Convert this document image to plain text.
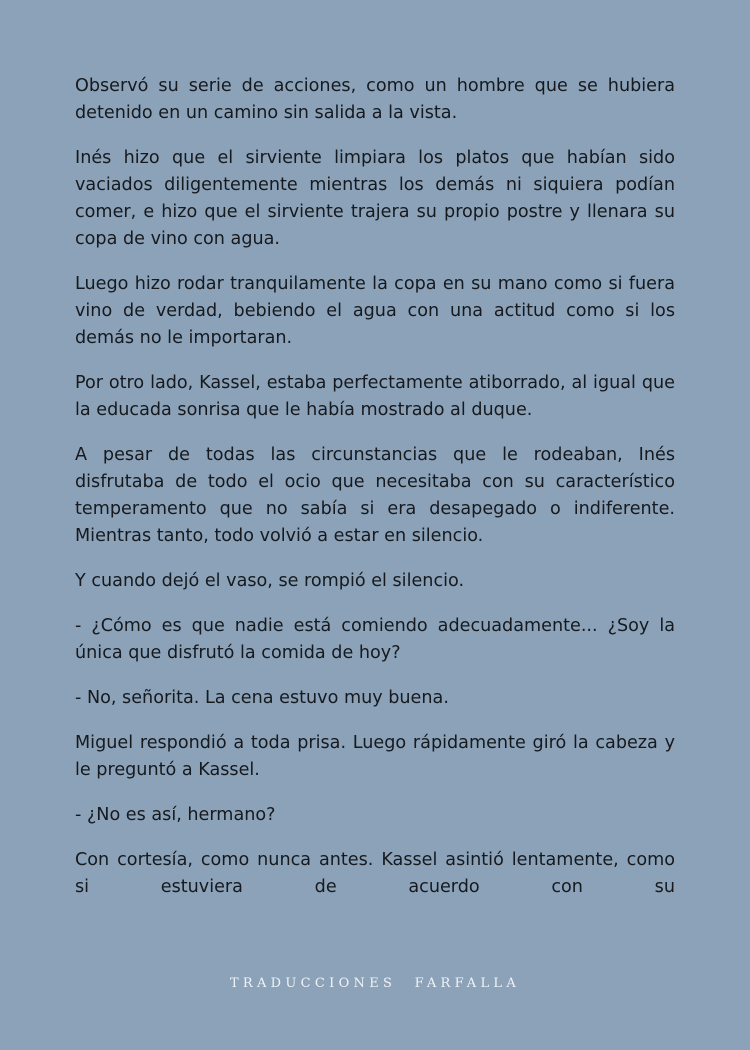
Observó su serie de acciones, como un hombre que se hubiera detenido en un camino sin salida a la vista.

Inés hizo que el sirviente limpiara los platos que habían sido vaciados diligentemente mientras los demás ni siquiera podían comer, e hizo que el sirviente trajera su propio postre y llenara su copa de vino con agua.

Luego hizo rodar tranquilamente la copa en su mano como si fuera vino de verdad, bebiendo el agua con una actitud como si los demás no le importaran.

Por otro lado, Kassel, estaba perfectamente atiborrado, al igual que la educada sonrisa que le había mostrado al duque.

A pesar de todas las circunstancias que le rodeaban, Inés disfrutaba de todo el ocio que necesitaba con su característico temperamento que no sabía si era desapegado o indiferente. Mientras tanto, todo volvió a estar en silencio.

Y cuando dejó el vaso, se rompió el silencio.

- ¿Cómo es que nadie está comiendo adecuadamente... ¿Soy la única que disfrutó la comida de hoy?

- No, señorita. La cena estuvo muy buena.

Miguel respondió a toda prisa. Luego rápidamente giró la cabeza y le preguntó a Kassel.

- ¿No es así, hermano?

Con cortesía, como nunca antes. Kassel asintió lentamente, como si estuviera de acuerdo con su

TRADUCCIONES FARFALLA
